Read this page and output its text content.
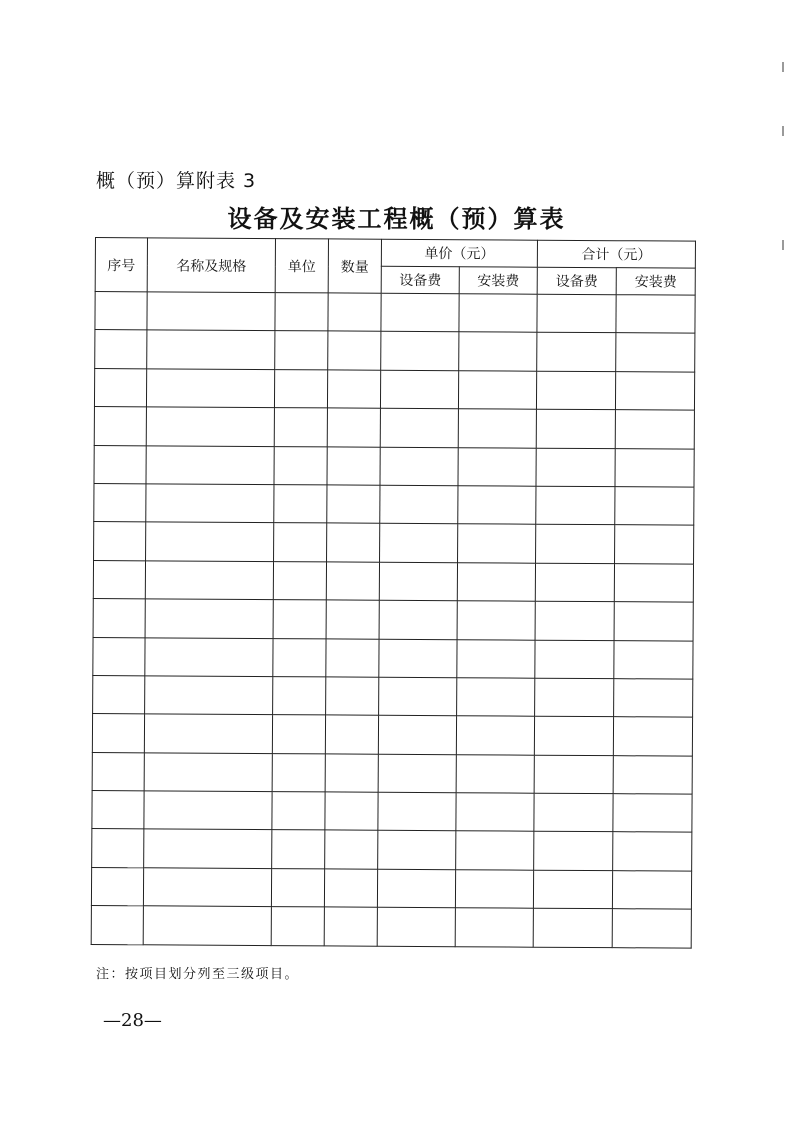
概（预）算附表 3
设备及安装工程概（预）算表
序号	名称及规格	单位	数量	单价（元）		合计（元）	
				设备费	安装费	设备费	安装费

注：按项目划分列至三级项目。
—28—
